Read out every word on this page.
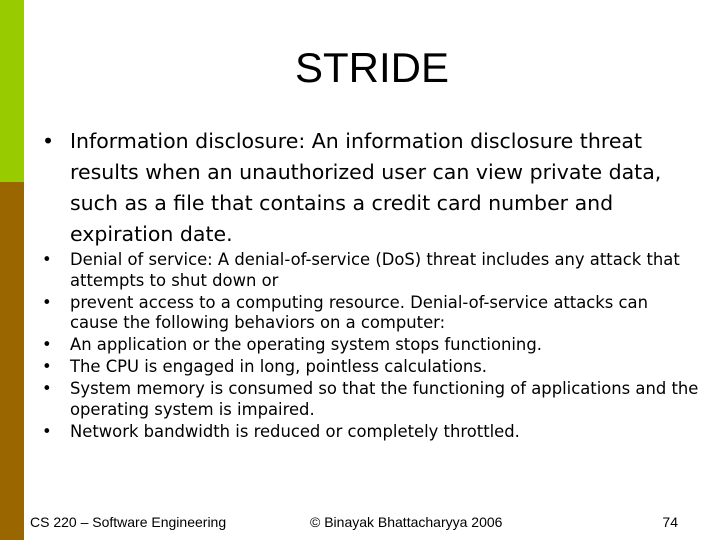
STRIDE
• Information disclosure: An information disclosure threat results when an unauthorized user can view private data, such as a file that contains a credit card number and expiration date.
• Denial of service: A denial-of-service (DoS) threat includes any attack that attempts to shut down or
• prevent access to a computing resource. Denial-of-service attacks can cause the following behaviors on a computer:
• An application or the operating system stops functioning.
• The CPU is engaged in long, pointless calculations.
• System memory is consumed so that the functioning of applications and the operating system is impaired.
• Network bandwidth is reduced or completely throttled.
CS 220 – Software Engineering	© Binayak Bhattacharyya 2006	74
